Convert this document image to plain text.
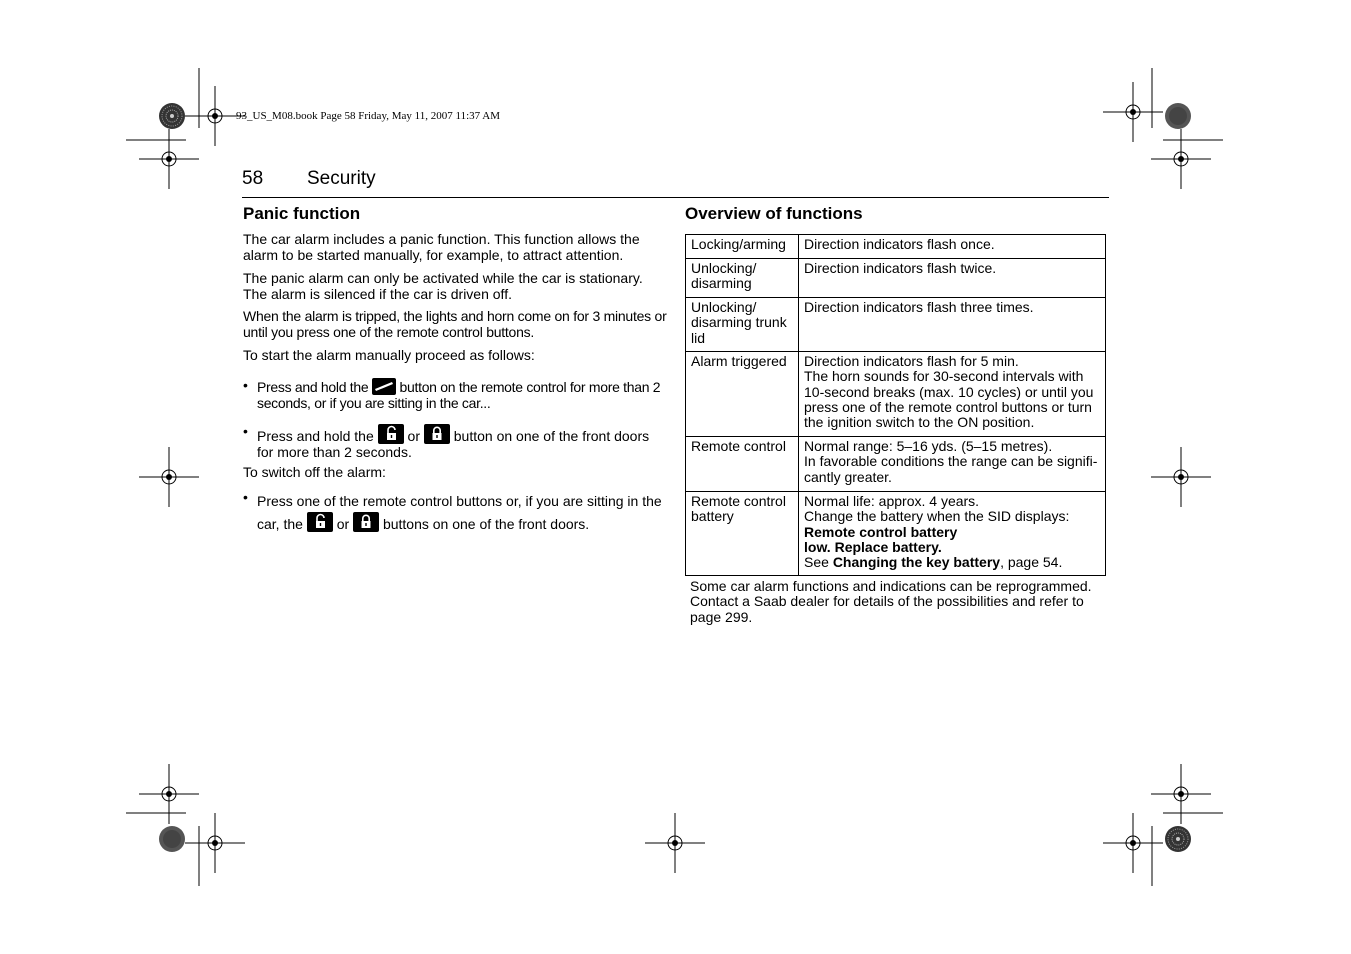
93_US_M08.book Page 58 Friday, May 11, 2007 11:37 AM
58 Security
Panic function	Overview of functions

The car alarm includes a panic function. This function allows the alarm to be started manually, for example, to attract attention.

The panic alarm can only be activated while the car is stationary. The alarm is silenced if the car is driven off.

When the alarm is tripped, the lights and horn come on for 3 minutes or until you press one of the remote control buttons.

To start the alarm manually proceed as follows:

• Press and hold the button on the remote control for more than 2 seconds, or if you are sitting in the car...
• Press and hold the or button on one of the front doors for more than 2 seconds.

To switch off the alarm:

• Press one of the remote control buttons or, if you are sitting in the car, the or buttons on one of the front doors.
Locking/arming	Direction indicators flash once.

Unlocking/ disarming	Direction indicators flash twice.

Unlocking/ disarming trunk lid	Direction indicators flash three times.

Alarm triggered	Direction indicators flash for 5 min.
The horn sounds for 30-second intervals with 10-second breaks (max. 10 cycles) or until you press one of the remote control buttons or turn the ignition switch to the ON position.

Remote control	Normal range: 5–16 yds. (5–15 metres).
In favorable conditions the range can be signifi-cantly greater.

Remote control battery	Normal life: approx. 4 years.
Change the battery when the SID displays:
Remote control battery
low. Replace battery.
See Changing the key battery, page 54.
Some car alarm functions and indications can be reprogrammed. Contact a Saab dealer for details of the possibilities and refer to page 299.
